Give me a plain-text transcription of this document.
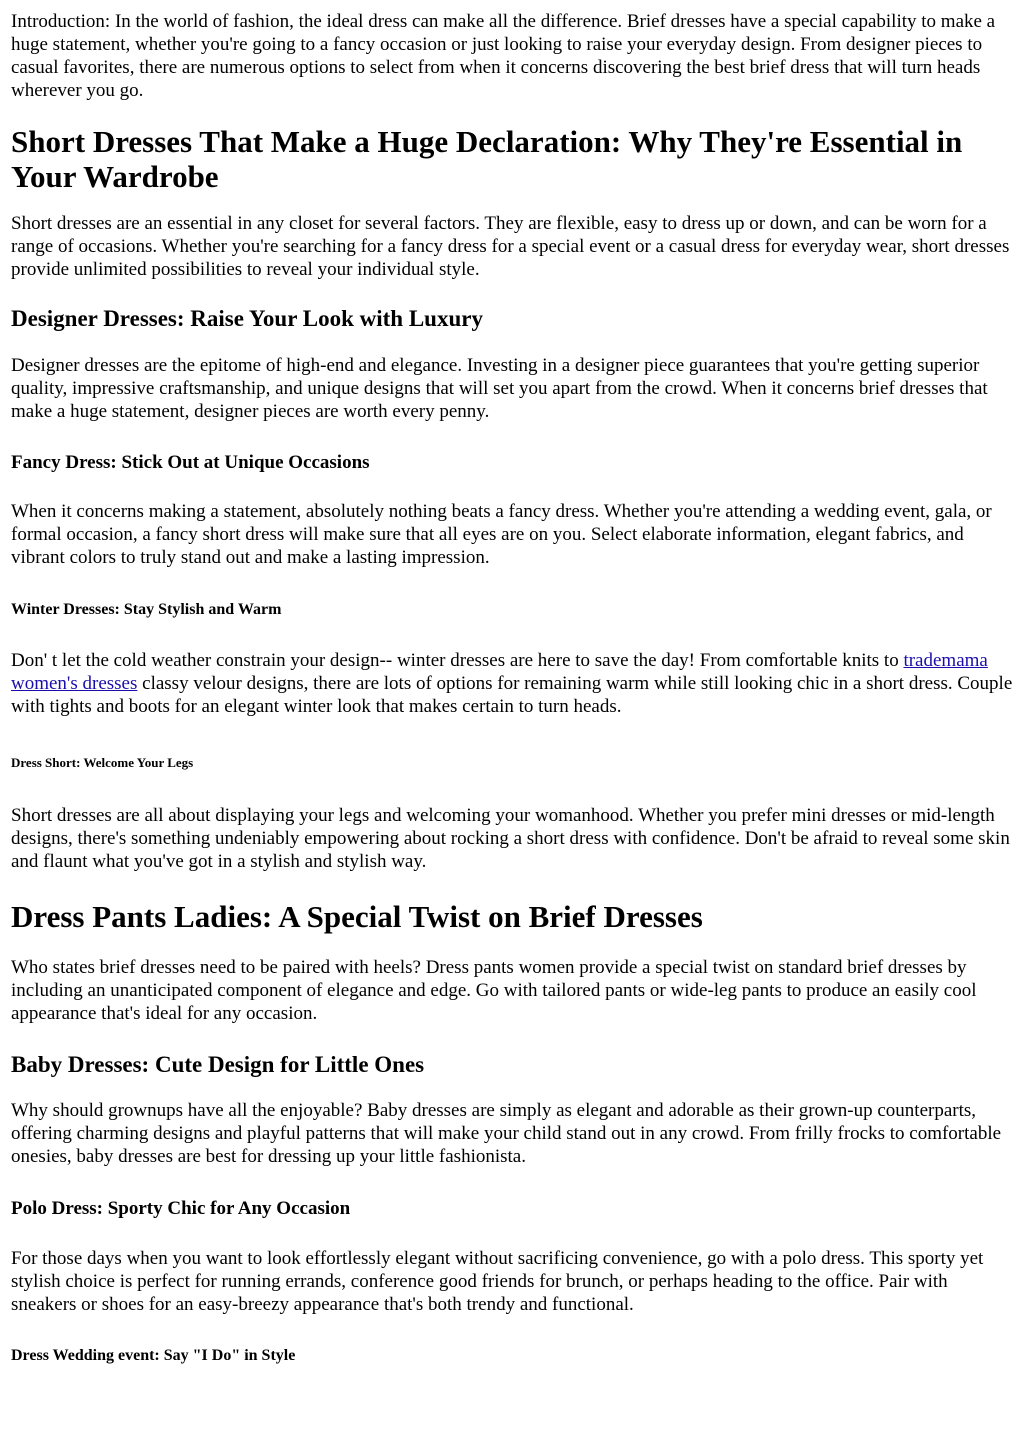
Introduction: In the world of fashion, the ideal dress can make all the difference. Brief dresses have a special capability to make a huge statement, whether you're going to a fancy occasion or just looking to raise your everyday design. From designer pieces to casual favorites, there are numerous options to select from when it concerns discovering the best brief dress that will turn heads wherever you go.

Short Dresses That Make a Huge Declaration: Why They're Essential in Your Wardrobe

Short dresses are an essential in any closet for several factors. They are flexible, easy to dress up or down, and can be worn for a range of occasions. Whether you're searching for a fancy dress for a special event or a casual dress for everyday wear, short dresses provide unlimited possibilities to reveal your individual style.

Designer Dresses: Raise Your Look with Luxury

Designer dresses are the epitome of high-end and elegance. Investing in a designer piece guarantees that you're getting superior quality, impressive craftsmanship, and unique designs that will set you apart from the crowd. When it concerns brief dresses that make a huge statement, designer pieces are worth every penny.

Fancy Dress: Stick Out at Unique Occasions

When it concerns making a statement, absolutely nothing beats a fancy dress. Whether you're attending a wedding event, gala, or formal occasion, a fancy short dress will make sure that all eyes are on you. Select elaborate information, elegant fabrics, and vibrant colors to truly stand out and make a lasting impression.

Winter Dresses: Stay Stylish and Warm

Don' t let the cold weather constrain your design-- winter dresses are here to save the day! From comfortable knits to trademama women's dresses classy velour designs, there are lots of options for remaining warm while still looking chic in a short dress. Couple with tights and boots for an elegant winter look that makes certain to turn heads.

Dress Short: Welcome Your Legs

Short dresses are all about displaying your legs and welcoming your womanhood. Whether you prefer mini dresses or mid-length designs, there's something undeniably empowering about rocking a short dress with confidence. Don't be afraid to reveal some skin and flaunt what you've got in a stylish and stylish way.

Dress Pants Ladies: A Special Twist on Brief Dresses

Who states brief dresses need to be paired with heels? Dress pants women provide a special twist on standard brief dresses by including an unanticipated component of elegance and edge. Go with tailored pants or wide-leg pants to produce an easily cool appearance that's ideal for any occasion.

Baby Dresses: Cute Design for Little Ones

Why should grownups have all the enjoyable? Baby dresses are simply as elegant and adorable as their grown-up counterparts, offering charming designs and playful patterns that will make your child stand out in any crowd. From frilly frocks to comfortable onesies, baby dresses are best for dressing up your little fashionista.

Polo Dress: Sporty Chic for Any Occasion

For those days when you want to look effortlessly elegant without sacrificing convenience, go with a polo dress. This sporty yet stylish choice is perfect for running errands, conference good friends for brunch, or perhaps heading to the office. Pair with sneakers or shoes for an easy-breezy appearance that's both trendy and functional.

Dress Wedding event: Say "I Do" in Style
